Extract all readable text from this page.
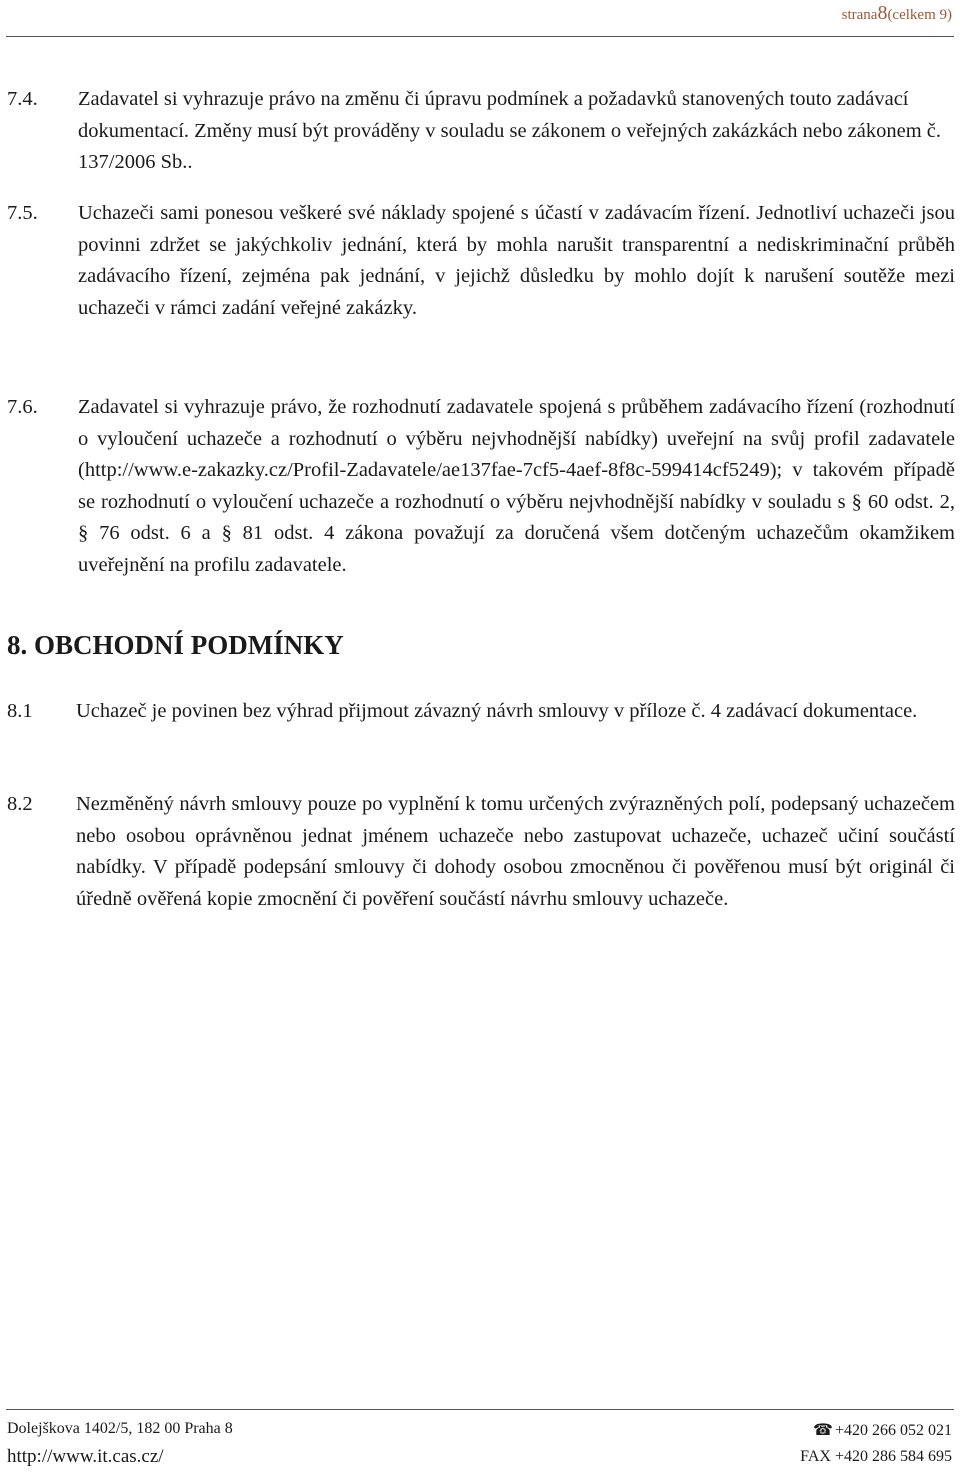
strana8(celkem 9)
7.4. Zadavatel si vyhrazuje právo na změnu či úpravu podmínek a požadavků stanovených touto zadávací dokumentací. Změny musí být prováděny v souladu se zákonem o veřejných zakázkách nebo zákonem č. 137/2006 Sb..
7.5. Uchazeči sami ponesou veškeré své náklady spojené s účastí v zadávacím řízení. Jednotliví uchazeči jsou povinni zdržet se jakýchkoliv jednání, která by mohla narušit transparentní a nediskriminační průběh zadávacího řízení, zejména pak jednání, v jejichž důsledku by mohlo dojít k narušení soutěže mezi uchazeči v rámci zadání veřejné zakázky.
7.6. Zadavatel si vyhrazuje právo, že rozhodnutí zadavatele spojená s průběhem zadávacího řízení (rozhodnutí o vyloučení uchazeče a rozhodnutí o výběru nejvhodnější nabídky) uveřejní na svůj profil zadavatele (http://www.e-zakazky.cz/Profil-Zadavatele/ae137fae-7cf5-4aef-8f8c-599414cf5249); v takovém případě se rozhodnutí o vyloučení uchazeče a rozhodnutí o výběru nejvhodnější nabídky v souladu s § 60 odst. 2, § 76 odst. 6 a § 81 odst. 4 zákona považují za doručená všem dotčeným uchazečům okamžikem uveřejnění na profilu zadavatele.
8. OBCHODNÍ PODMÍNKY
8.1 Uchazeč je povinen bez výhrad přijmout závazný návrh smlouvy v příloze č. 4 zadávací dokumentace.
8.2 Nezměněný návrh smlouvy pouze po vyplnění k tomu určených zvýrazněných polí, podepsaný uchazečem nebo osobou oprávněnou jednat jménem uchazeče nebo zastupovat uchazeče, uchazeč učiní součástí nabídky. V případě podepsání smlouvy či dohody osobou zmocněnou či pověřenou musí být originál či úředně ověřená kopie zmocnění či pověření součástí návrhu smlouvy uchazeče.
Dolejškova 1402/5, 182 00 Praha 8
http://www.it.cas.cz/
☎ +420 266 052 021
FAX +420 286 584 695
